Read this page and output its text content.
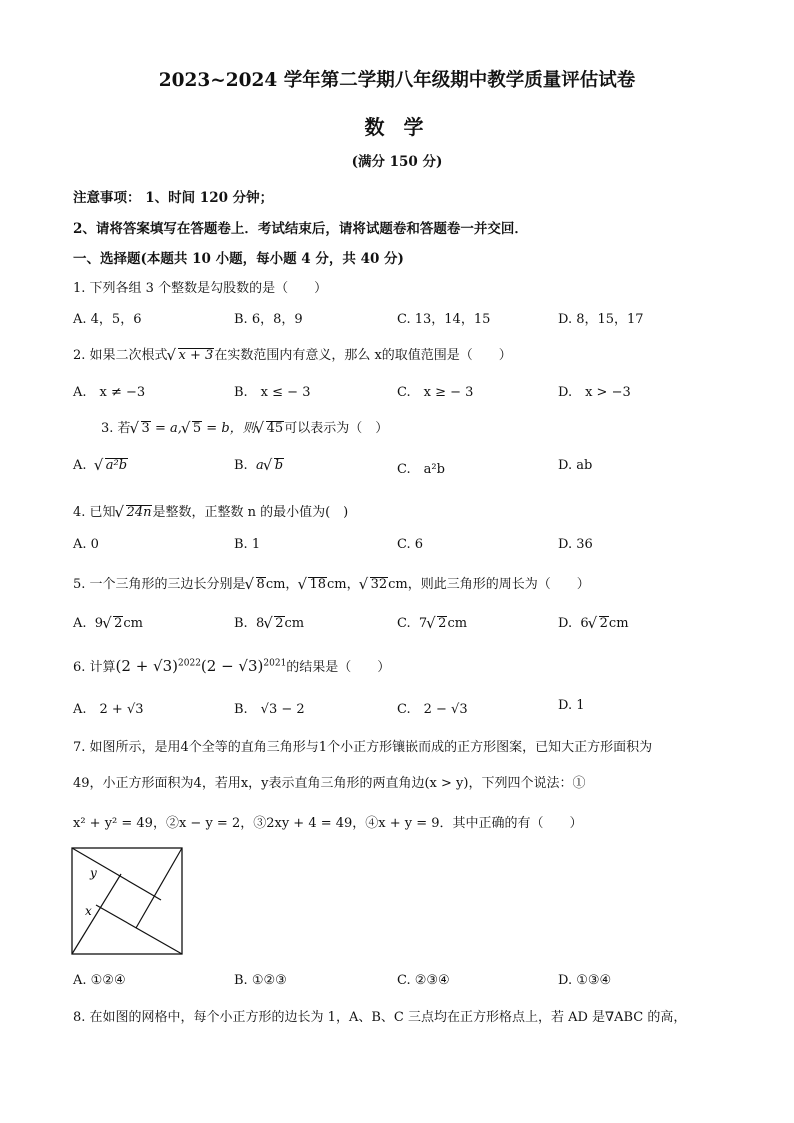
2023~2024 学年第二学期八年级期中教学质量评估试卷
数 学
(满分 150 分)
注意事项： 1、时间 120 分钟；
2、请将答案填写在答题卷上．考试结束后，请将试题卷和答题卷一并交回．
一、选择题(本题共 10 小题，每小题 4 分，共 40 分)
1. 下列各组 3 个整数是勾股数的是（　　）
A. 4，5，6	B. 6，8，9	C. 13，14，15	D. 8，15，17
2. 如果二次根式 √ x + 3在实数范围内有意义，那么 x的取值范围是（　　）
A.　x ≠ −3	B.　x ≤ − 3	C.　x ≥ − 3	D.　x > −3
3. 若 √ 3 = a, √ 5 = b，则 √ 45可以表示为（　）
A. √ a²b	B. a √ b	C.　a²b	D. ab
4. 已知 √ 24n是整数，正整数 n 的最小值为(　)
A. 0	B. 1	C. 6	D. 36
5. 一个三角形的三边长分别是 √ 8cm， √ 18cm， √ 32cm，则此三角形的周长为（　　）
A. 9 √ 2cm	B. 8 √ 2cm	C. 7 √ 2cm	D. 6 √ 2cm
6. 计算$(2 + √3)^{2022}(2 - √3)^{2021}$的结果是（　　）
A.　2 + √3	B.　√3 − 2	C.　2 − √3	D. 1
7. 如图所示，是用4个全等的直角三角形与1个小正方形镶嵌而成的正方形图案，已知大正方形面积为
49，小正方形面积为4，若用x，y表示直角三角形的两直角边(x > y)，下列四个说法：①
x² + y² = 49，②x − y = 2，③2xy + 4 = 49，④x + y = 9．其中正确的有（　　）
y
x
A. ①②④	B. ①②③	C. ②③④	D. ①③④
8. 在如图的网格中，每个小正方形的边长为 1，A、B、C 三点均在正方形格点上，若 AD 是∇ABC 的高，
